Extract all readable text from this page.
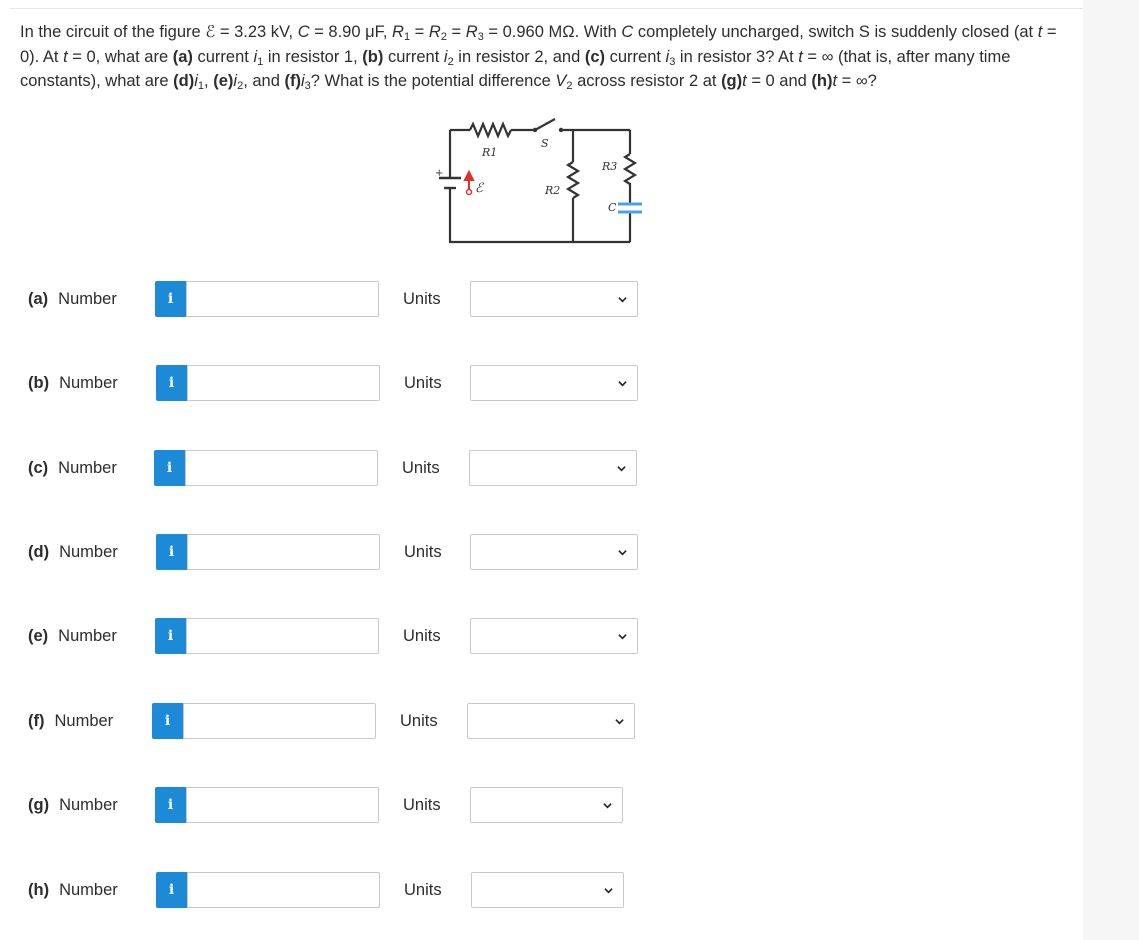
In the circuit of the figure ℰ = 3.23 kV, C = 8.90 μF, $R_1 = R_2 = R_3 = 0.960$ MΩ. With C completely uncharged, switch S is suddenly closed (at t = 0). At t = 0, what are (a) current $i_1$ in resistor 1, (b) current $i_2$ in resistor 2, and (c) current $i_3$ in resistor 3? At t = ∞ (that is, after many time constants), what are $(d)i_1$, $(e)i_2$, and $(f)i_3$? What is the potential difference $V_2$ across resistor 2 at (g)t = 0 and (h)t = ∞?
+
ℰ
R1
S
R2
R3
C
(a) Number	i	Units
(b) Number	i	Units
(c) Number	i	Units
(d) Number	i	Units
(e) Number	i	Units
(f) Number	i	Units
(g) Number	i	Units
(h) Number	i	Units
